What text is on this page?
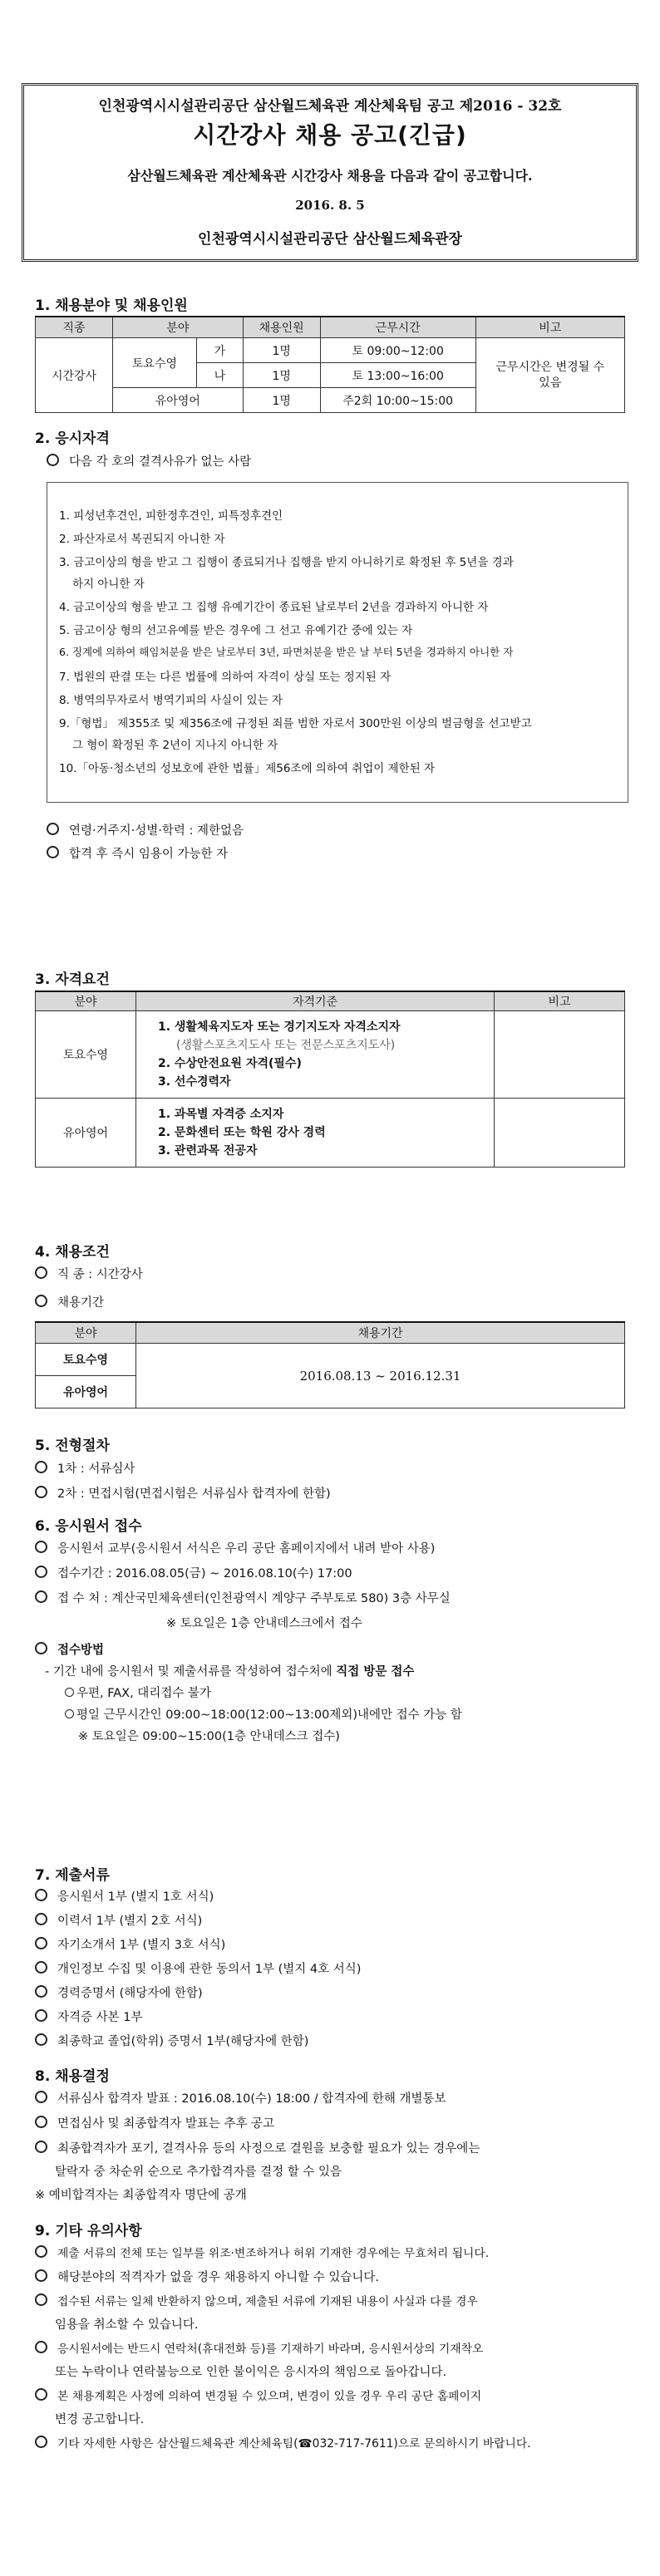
인천광역시시설관리공단 삼산월드체육관 계산체육팀 공고 제2016 - 32호
시간강사 채용 공고(긴급)
삼산월드체육관 계산체육관 시간강사 채용을 다음과 같이 공고합니다.
2016. 8. 5
인천광역시시설관리공단 삼산월드체육관장
1. 채용분야 및 채용인원
직종	분야		채용인원	근무시간	비고
시간강사	토요수영	가	1명	토 09:00~12:00	근무시간은 변경될 수 있음
		나	1명	토 13:00~16:00	
	유아영어		1명	주2회 10:00~15:00	
2. 응시자격
다음 각 호의 결격사유가 없는 사람
1. 피성년후견인, 피한정후견인, 피특정후견인
2. 파산자로서 복권되지 아니한 자
3. 금고이상의 형을 받고 그 집행이 종료되거나 집행을 받지 아니하기로 확정된 후 5년을 경과
하지 아니한 자
4. 금고이상의 형을 받고 그 집행 유예기간이 종료된 날로부터 2년을 경과하지 아니한 자
5. 금고이상 형의 선고유예를 받은 경우에 그 선고 유예기간 중에 있는 자
6. 징계에 의하여 해임처분을 받은 날로부터 3년, 파면처분을 받은 날 부터 5년을 경과하지 아니한 자
7. 법원의 판결 또는 다른 법률에 의하여 자격이 상실 또는 정지된 자
8. 병역의무자로서 병역기피의 사실이 있는 자
9.「형법」 제355조 및 제356조에 규정된 죄를 범한 자로서 300만원 이상의 벌금형을 선고받고
그 형이 확정된 후 2년이 지나지 아니한 자
10.「아동·청소년의 성보호에 관한 법률」제56조에 의하여 취업이 제한된 자
연령·거주지·성별·학력 : 제한없음
합격 후 즉시 임용이 가능한 자
3. 자격요건
분야	자격기준	비고
토요수영	1. 생활체육지도자 또는 경기지도자 자격소지자
(생활스포츠지도사 또는 전문스포츠지도사)
2. 수상안전요원 자격(필수)
3. 선수경력자	

유아영어	1. 과목별 자격증 소지자
2. 문화센터 또는 학원 강사 경력
3. 관련과목 전공자	

4. 채용조건
직 종 : 시간강사
채용기간
분야	채용기간
토요수영	2016.08.13 ~ 2016.12.31
유아영어	
5. 전형절차
1차 : 서류심사
2차 : 면접시험(면접시험은 서류심사 합격자에 한함)
6. 응시원서 접수
응시원서 교부(응시원서 서식은 우리 공단 홈페이지에서 내려 받아 사용)
접수기간 : 2016.08.05(금) ~ 2016.08.10(수) 17:00
접 수 처 : 계산국민체육센터(인천광역시 계양구 주부토로 580) 3층 사무실
※ 토요일은 1층 안내데스크에서 접수
접수방법
- 기간 내에 응시원서 및 제출서류를 작성하여 접수처에 직접 방문 접수
우편, FAX, 대리접수 불가
평일 근무시간인 09:00~18:00(12:00~13:00제외)내에만 접수 가능 함
※ 토요일은 09:00~15:00(1층 안내데스크 접수)
7. 제출서류
응시원서 1부 (별지 1호 서식)
이력서 1부 (별지 2호 서식)
자기소개서 1부 (별지 3호 서식)
개인정보 수집 및 이용에 관한 동의서 1부 (별지 4호 서식)
경력증명서 (해당자에 한함)
자격증 사본 1부
최종학교 졸업(학위) 증명서 1부(해당자에 한함)
8. 채용결정
서류심사 합격자 발표 : 2016.08.10(수) 18:00 / 합격자에 한해 개별통보
면접심사 및 최종합격자 발표는 추후 공고
최종합격자가 포기, 결격사유 등의 사정으로 결원을 보충할 필요가 있는 경우에는
탈락자 중 차순위 순으로 추가합격자를 결정 할 수 있음
※ 예비합격자는 최종합격자 명단에 공개
9. 기타 유의사항
제출 서류의 전체 또는 일부를 위조·변조하거나 허위 기재한 경우에는 무효처리 됩니다.
해당분야의 적격자가 없을 경우 채용하지 아니할 수 있습니다.
접수된 서류는 일체 반환하지 않으며, 제출된 서류에 기재된 내용이 사실과 다를 경우
임용을 취소할 수 있습니다.
응시원서에는 반드시 연락처(휴대전화 등)를 기재하기 바라며, 응시원서상의 기재착오
또는 누락이나 연락불능으로 인한 불이익은 응시자의 책임으로 돌아갑니다.
본 채용계획은 사정에 의하여 변경될 수 있으며, 변경이 있을 경우 우리 공단 홈페이지
변경 공고합니다.
기타 자세한 사항은 삼산월드체육관 계산체육팀(☎032-717-7611)으로 문의하시기 바랍니다.
